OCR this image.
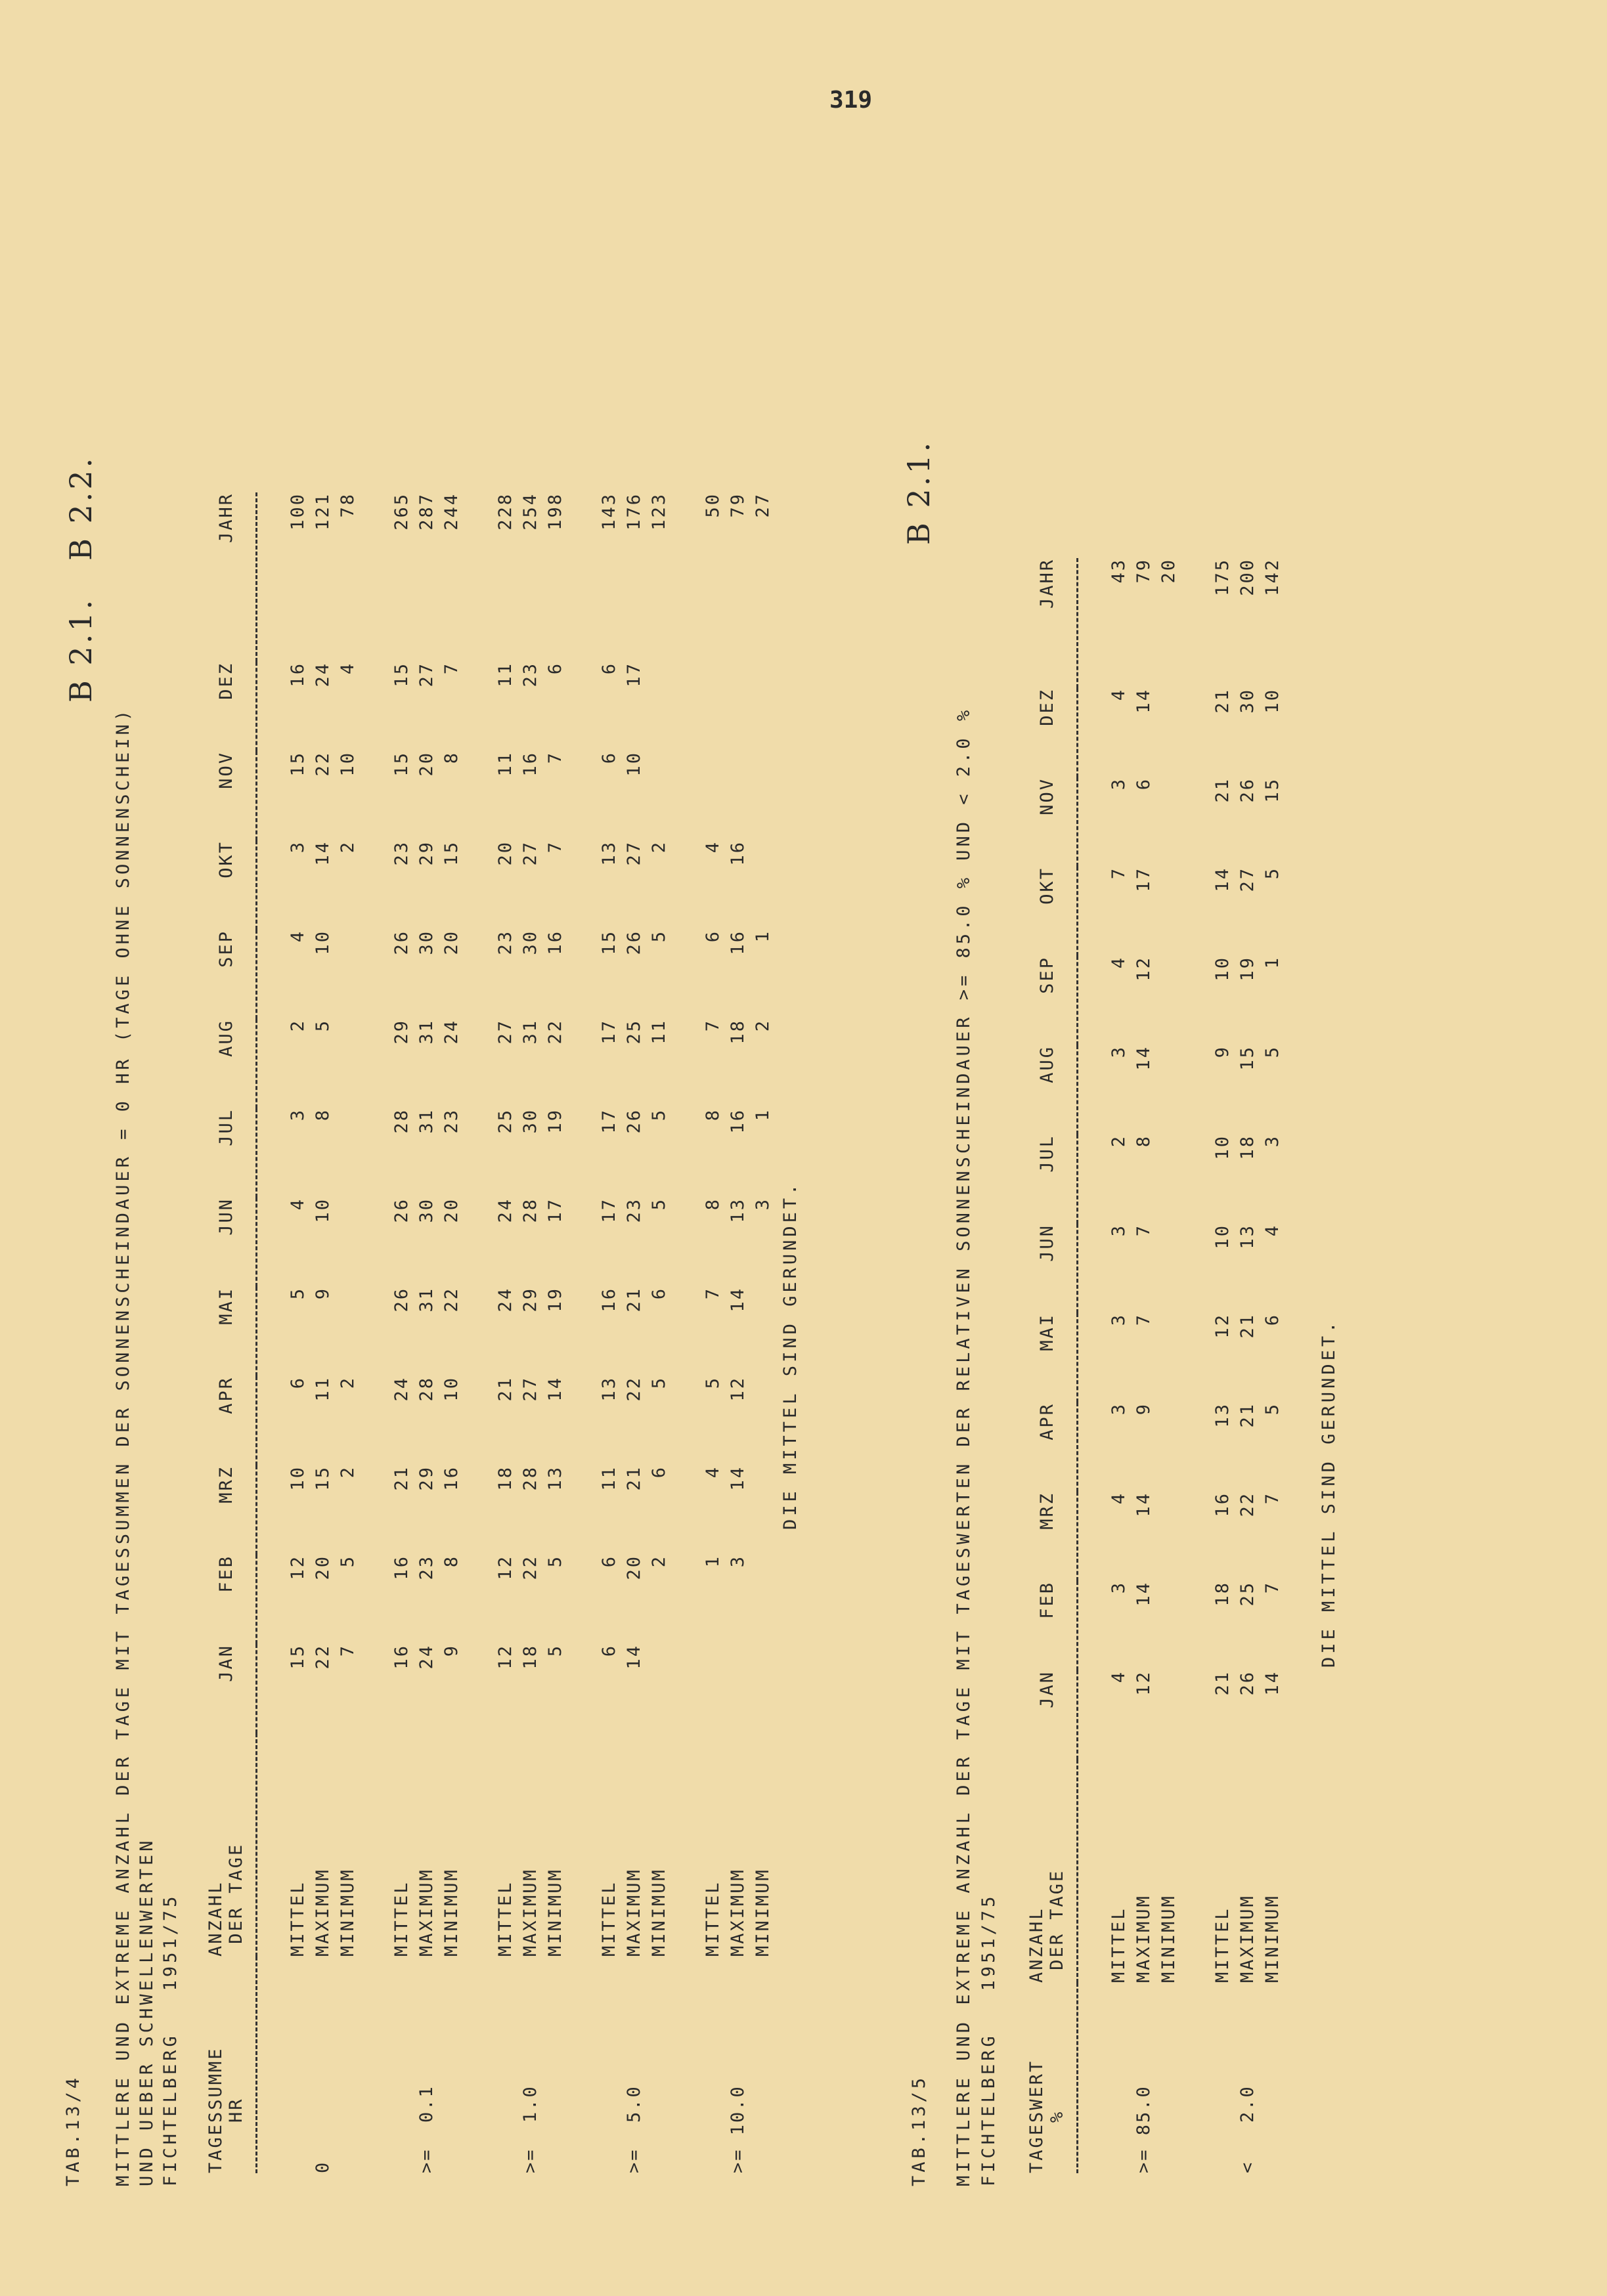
319
TAB.13/4 MITTLERE UND EXTREME ANZAHL DER TAGE MIT TAGESSUMMEN DER SONNENSCHEINDAUER = 0 HR (TAGE OHNE SONNENSCHEIN) UND UEBER SCHWELLENWERTEN FICHTELBERG   1951/75
B 2.1.   B 2.2.
TAGESSUMME
HR	ANZAHL
DER TAGE	JAN	FEB	MRZ	APR	MAI	JUN	JUL	AUG	SEP	OKT	NOV	DEZ	JAHR

	MITTEL	15	12	10	6	5	4	3	2	4	3	15	16	100
0	MAXIMUM	22	20	15	11	9	10	8	5	10	14	22	24	121
	MINIMUM	7	5	2	2						2	10	4	78

	MITTEL	16	16	21	24	26	26	28	29	26	23	15	15	265
>=  0.1	MAXIMUM	24	23	29	28	31	30	31	31	30	29	20	27	287
	MINIMUM	9	8	16	10	22	20	23	24	20	15	8	7	244

	MITTEL	12	12	18	21	24	24	25	27	23	20	11	11	228
>=  1.0	MAXIMUM	18	22	28	27	29	28	30	31	30	27	16	23	254
	MINIMUM	5	5	13	14	19	17	19	22	16	7	7	6	198

	MITTEL	6	6	11	13	16	17	17	17	15	13	6	6	143
>=  5.0	MAXIMUM	14	20	21	22	21	23	26	25	26	27	10	17	176
	MINIMUM		2	6	5	6	5	5	11	5	2			123

	MITTEL		1	4	5	7	8	8	7	6	4			50
>= 10.0	MAXIMUM		3	14	12	14	13	16	18	16	16			79
	MINIMUM						3	1	2	1				27
DIE MITTEL SIND GERUNDET.
TAB.13/5 MITTLERE UND EXTREME ANZAHL DER TAGE MIT TAGESWERTEN DER RELATIVEN SONNENSCHEINDAUER >= 85.0 % UND < 2.0 % FICHTELBERG   1951/75
B 2.1.
TAGESWERT
%	ANZAHL
DER TAGE	JAN	FEB	MRZ	APR	MAI	JUN	JUL	AUG	SEP	OKT	NOV	DEZ	JAHR

	MITTEL	4	3	4	3	3	3	2	3	4	7	3	4	43
>= 85.0	MAXIMUM	12	14	14	9	7	7	8	14	12	17	6	14	79
	MINIMUM													20

	MITTEL	21	18	16	13	12	10	10	9	10	14	21	21	175
<   2.0	MAXIMUM	26	25	22	21	21	13	18	15	19	27	26	30	200
	MINIMUM	14	7	7	5	6	4	3	5	1	5	15	10	142
DIE MITTEL SIND GERUNDET.
